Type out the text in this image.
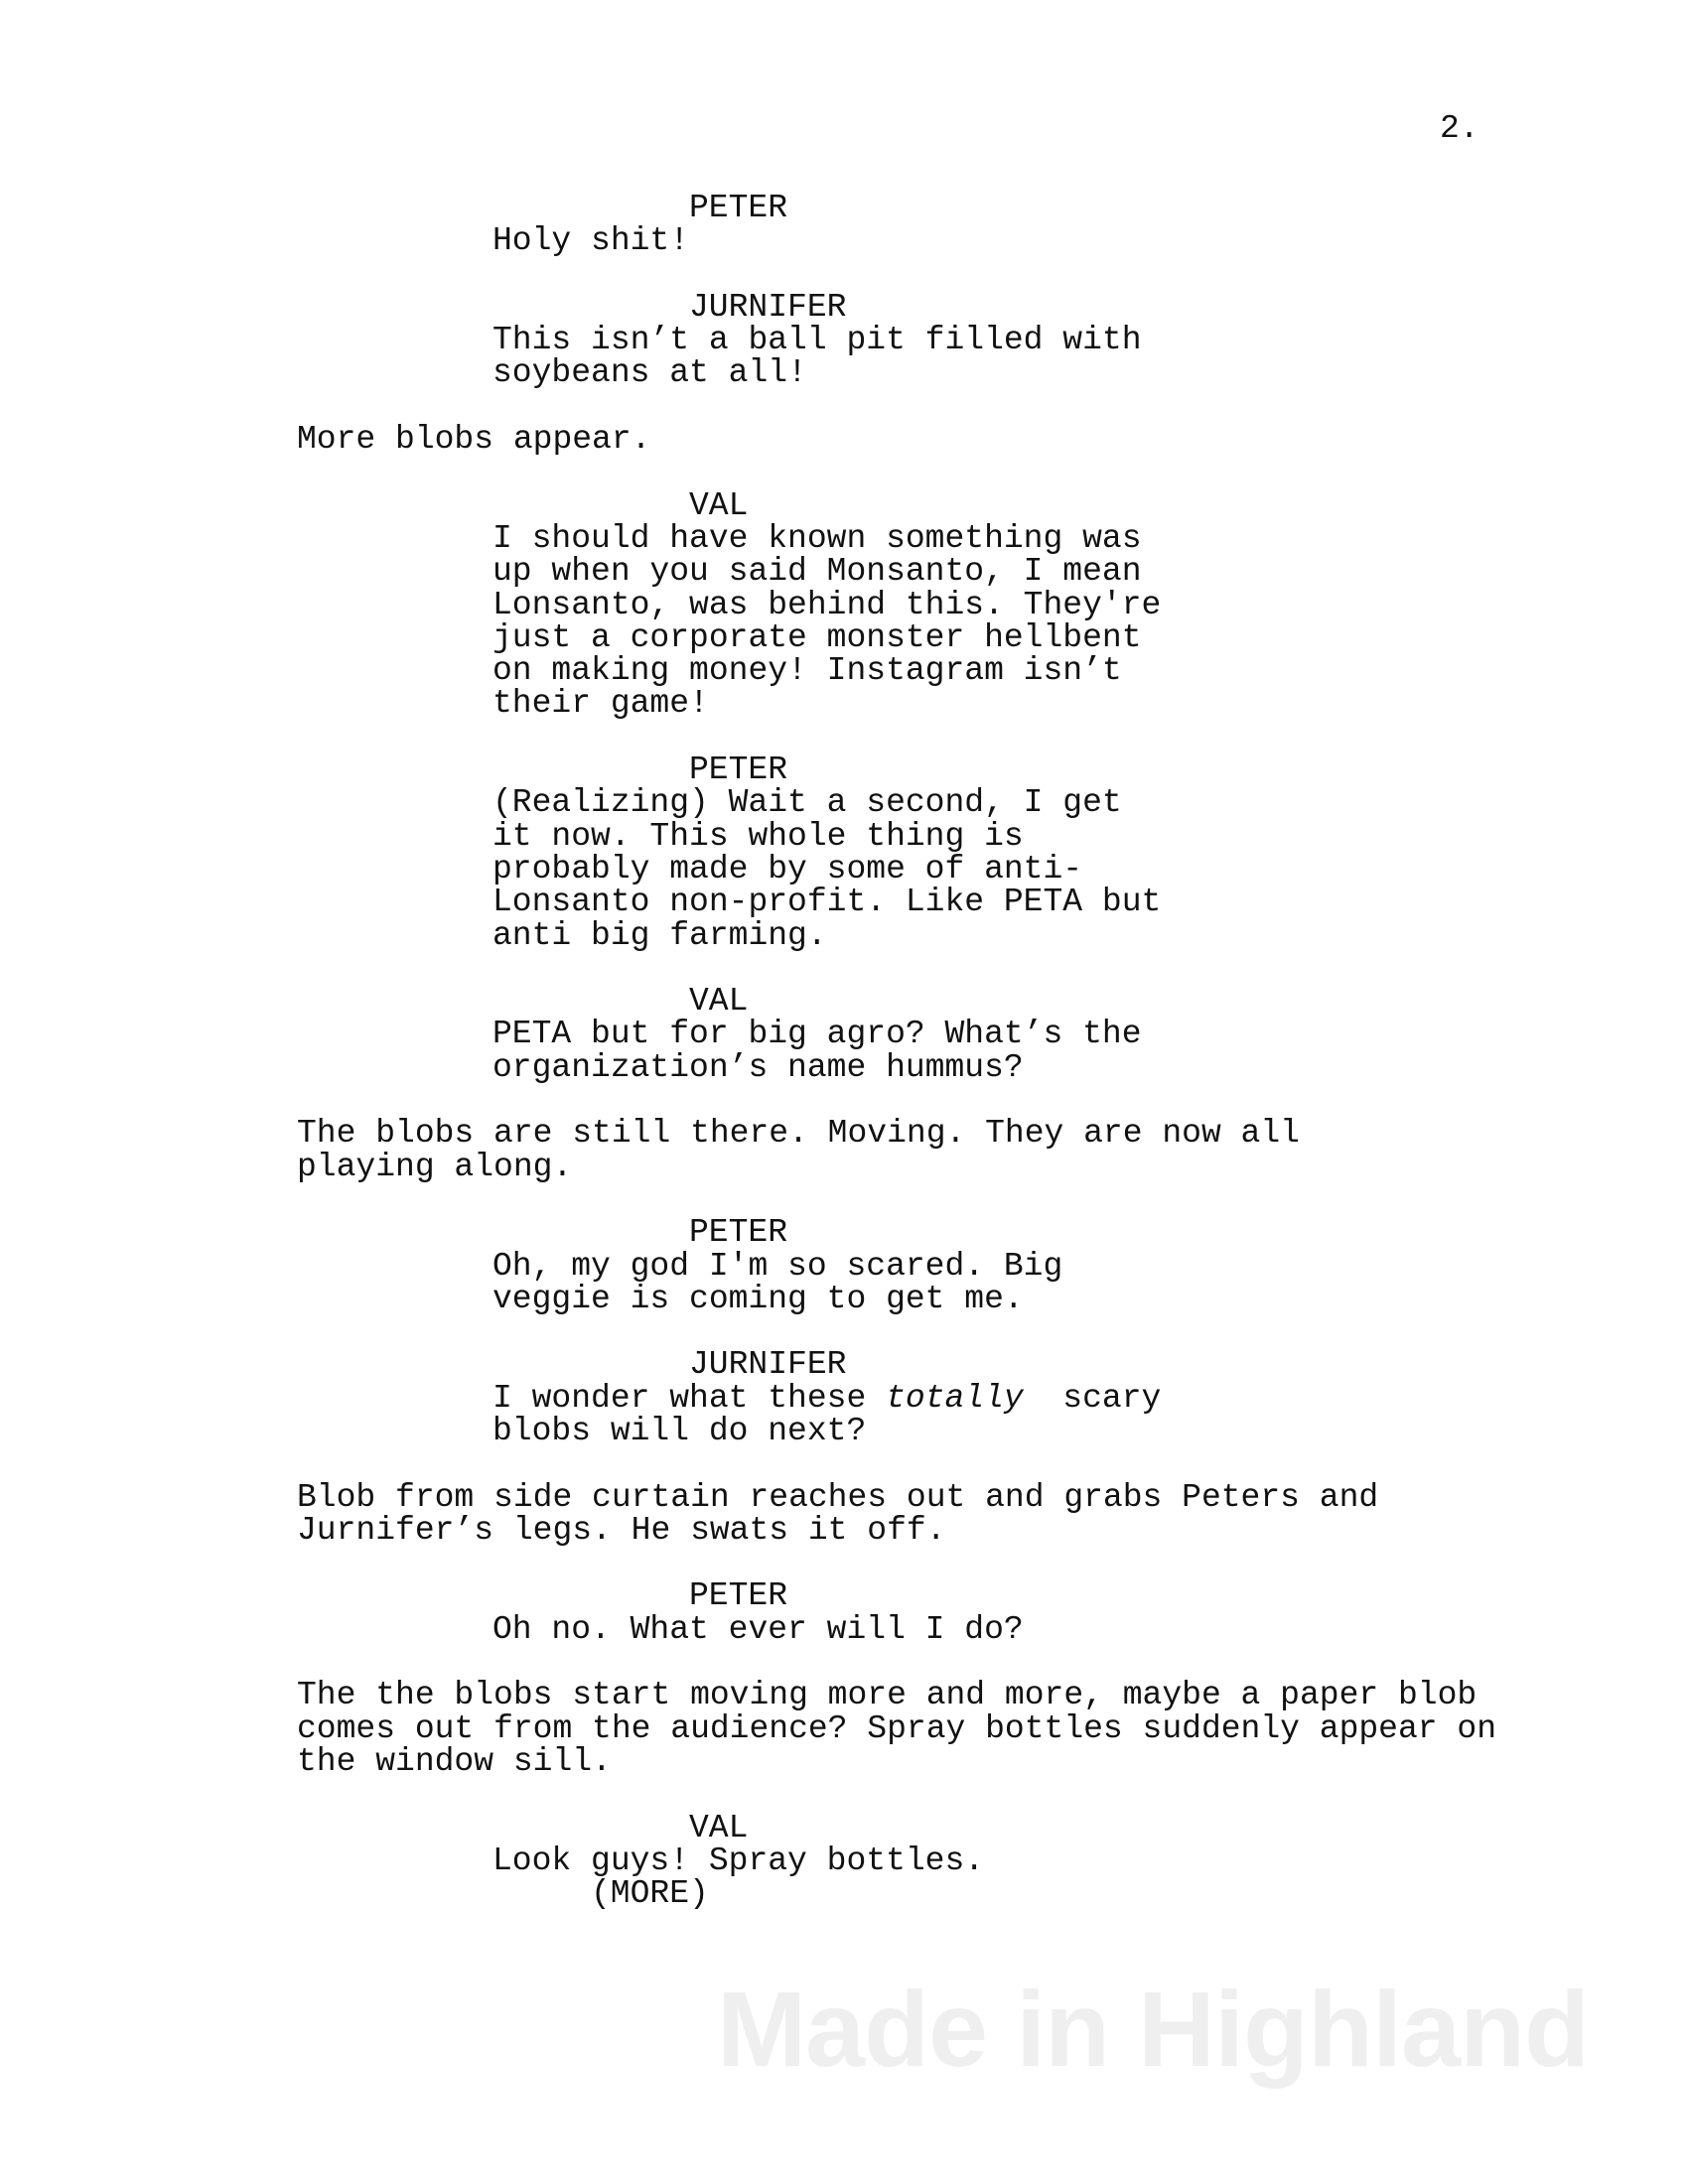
2.
PETER
Holy shit!
JURNIFER
This isn’t a ball pit filled with
soybeans at all!
More blobs appear.
VAL
I should have known something was
up when you said Monsanto, I mean
Lonsanto, was behind this. They're
just a corporate monster hellbent
on making money! Instagram isn’t
their game!
PETER
(Realizing) Wait a second, I get
it now. This whole thing is
probably made by some of anti-
Lonsanto non-profit. Like PETA but
anti big farming.
VAL
PETA but for big agro? What’s the
organization’s name hummus?
The blobs are still there. Moving. They are now all
playing along.
PETER
Oh, my god I'm so scared. Big
veggie is coming to get me.
JURNIFER
I wonder what these totally  scary
blobs will do next?
Blob from side curtain reaches out and grabs Peters and
Jurnifer’s legs. He swats it off.
PETER
Oh no. What ever will I do?
The the blobs start moving more and more, maybe a paper blob
comes out from the audience? Spray bottles suddenly appear on
the window sill.
VAL
Look guys! Spray bottles.
(MORE)
Made in Highland
